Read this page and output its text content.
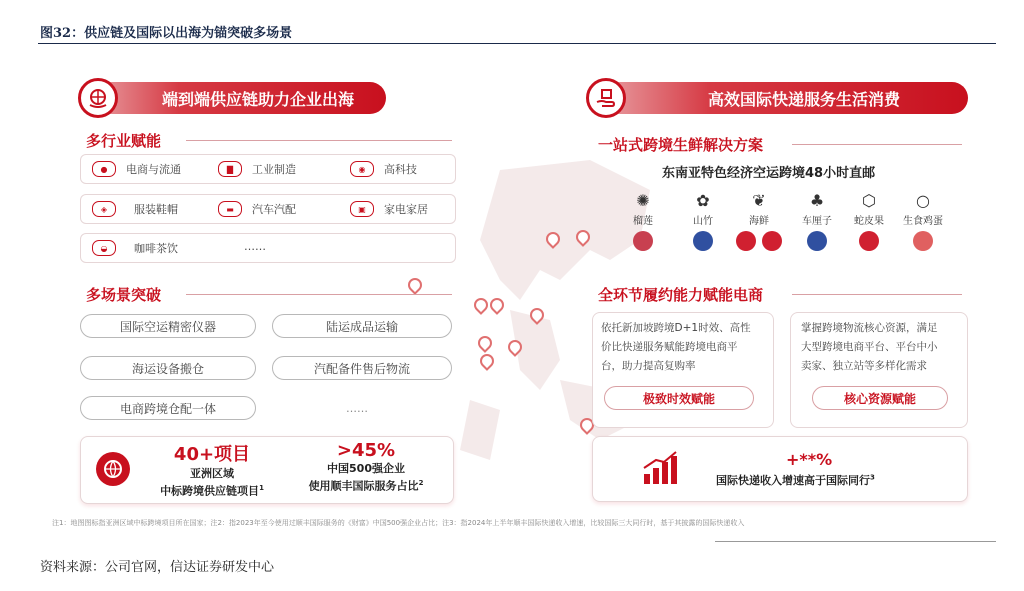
图32：供应链及国际以出海为锚突破多场景
端到端供应链助力企业出海
多行业赋能
●	电商与流通	▇	工业制造	◉	高科技
◈	服装鞋帽	▬	汽车汽配	▣	家电家居
◒	咖啡茶饮	……
多场景突破
国际空运精密仪器	陆运成品运输
海运设备搬仓	汽配备件售后物流
电商跨境仓配一体	……
40+项目
亚洲区域
中标跨境供应链项目$^1$
>45%
中国500强企业
使用顺丰国际服务占比$^2$
高效国际快递服务生活消费
一站式跨境生鲜解决方案
东南亚特色经济空运跨境48小时直邮
✺
榴莲
✿
山竹
❦
海鲜
♣
车厘子
⬡
蛇皮果
○
生食鸡蛋
全环节履约能力赋能电商
依托新加坡跨境D+1时效、高性
价比快递服务赋能跨境电商平
台，助力提高复购率
极致时效赋能
掌握跨境物流核心资源，满足
大型跨境电商平台、平台中小
卖家、独立站等多样化需求
核心资源赋能
+**%
国际快递收入增速高于国际同行$^3$
注1：地图图标指亚洲区域中标跨境项目所在国家；注2：指2023年至今使用过顺丰国际服务的《财富》中国500强企业占比；注3：指2024年上半年顺丰国际快递收入增速，比较国际三大同行时，基于其披露的国际快递收入
资料来源：公司官网，信达证券研发中心
